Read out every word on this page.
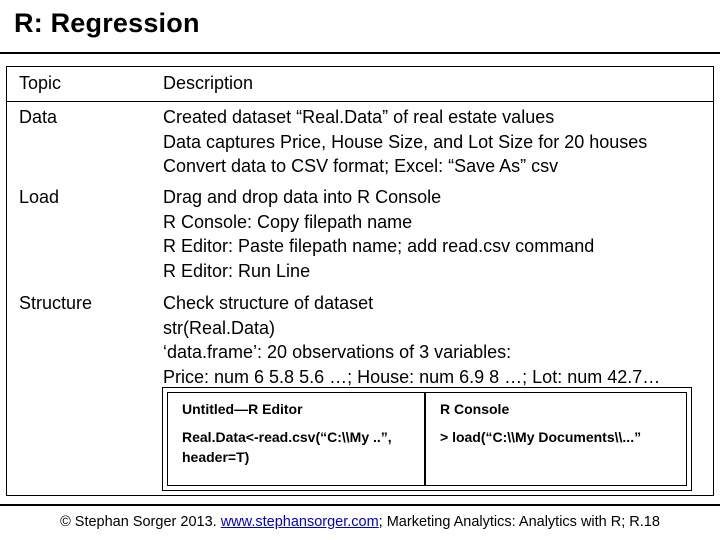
R: Regression
Topic	Description
Data	Created dataset “Real.Data” of real estate values
Data captures Price, House Size, and Lot Size for 20 houses
Convert data to CSV format; Excel: “Save As” csv
Load	Drag and drop data into R Console
R Console: Copy filepath name
R Editor: Paste filepath name; add read.csv command
R Editor: Run Line
Structure	Check structure of dataset
str(Real.Data)
‘data.frame’: 20 observations of 3 variables:
Price: num 6 5.8 5.6 …; House: num 6.9 8 …; Lot: num 42.7…
Untitled—R Editor
Real.Data<-read.csv(“C:\\My ..”,
header=T)
R Console
> load(“C:\\My Documents\\...”
© Stephan Sorger 2013. www.stephansorger.com; Marketing Analytics: Analytics with R; R.18
